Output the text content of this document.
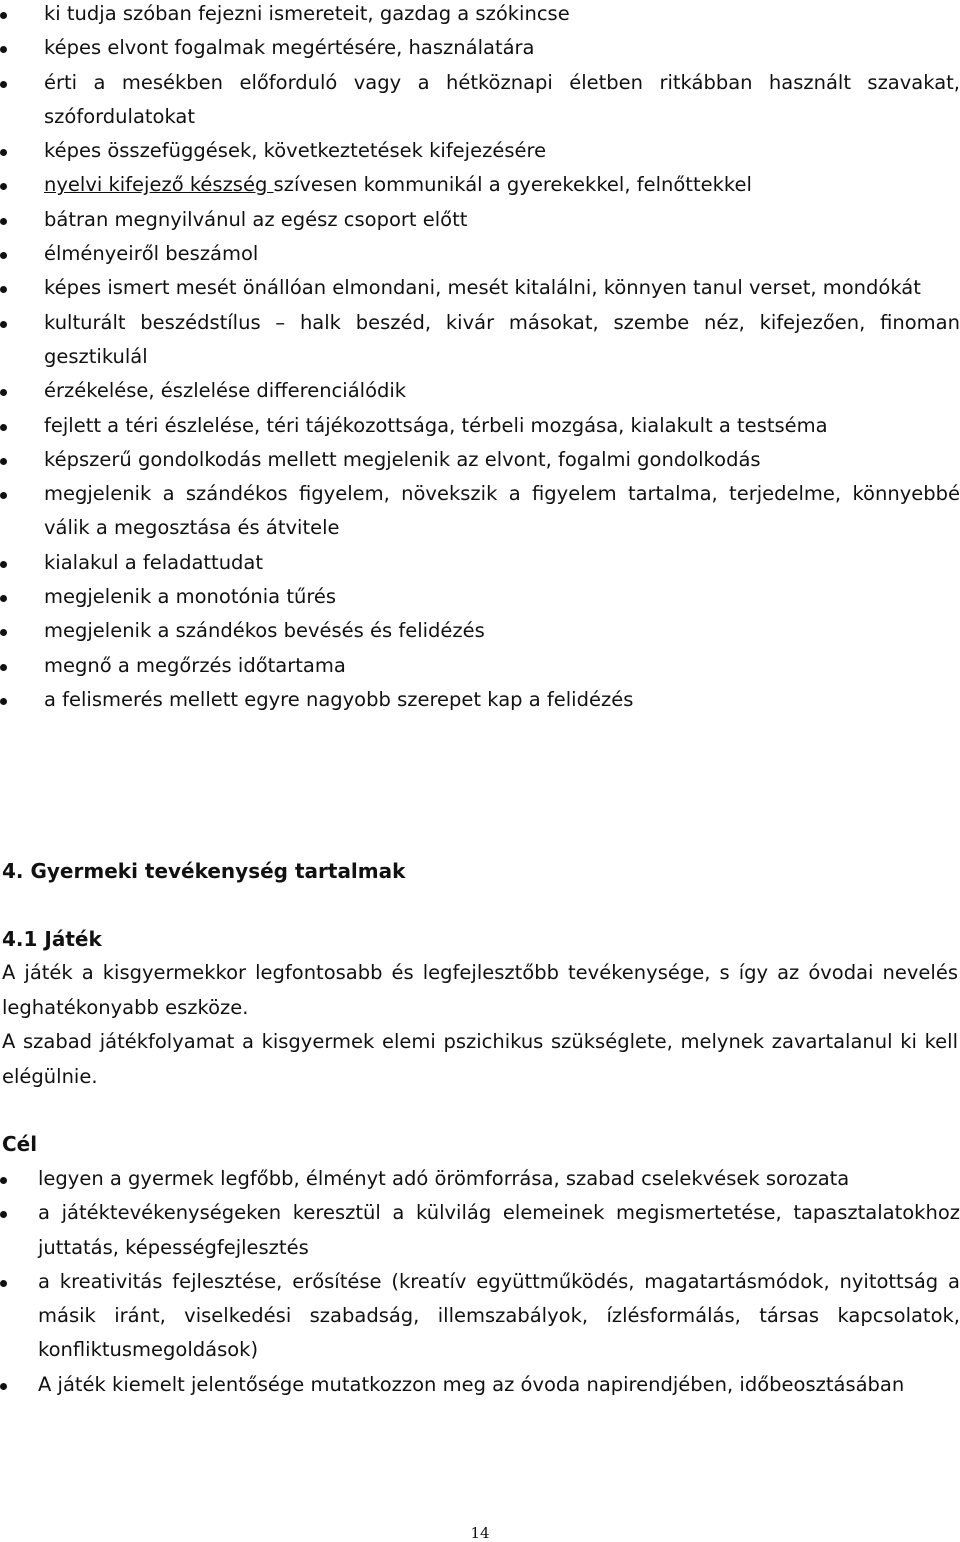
ki tudja szóban fejezni ismereteit, gazdag a szókincse
képes elvont fogalmak megértésére, használatára
érti a mesékben előforduló vagy a hétköznapi életben ritkábban használt szavakat, szófordulatokat
képes összefüggések, következtetések kifejezésére
nyelvi kifejező készség szívesen kommunikál a gyerekekkel, felnőttekkel
bátran megnyilvánul az egész csoport előtt
élményeiről beszámol
képes ismert mesét önállóan elmondani, mesét kitalálni, könnyen tanul verset, mondókát
kulturált beszédstílus – halk beszéd, kivár másokat, szembe néz, kifejezően, finoman gesztikulál
érzékelése, észlelése differenciálódik
fejlett a téri észlelése, téri tájékozottsága, térbeli mozgása, kialakult a testséma
képszerű gondolkodás mellett megjelenik az elvont, fogalmi gondolkodás
megjelenik a szándékos figyelem, növekszik a figyelem tartalma, terjedelme, könnyebbé válik a megosztása és átvitele
kialakul a feladattudat
megjelenik a monotónia tűrés
megjelenik a szándékos bevésés és felidézés
megnő a megőrzés időtartama
a felismerés mellett egyre nagyobb szerepet kap a felidézés
4. Gyermeki tevékenység tartalmak
4.1 Játék

A játék a kisgyermekkor legfontosabb és legfejlesztőbb tevékenysége, s így az óvodai nevelés leghatékonyabb eszköze.

A szabad játékfolyamat a kisgyermek elemi pszichikus szükséglete, melynek zavartalanul ki kell elégülnie.

Cél
legyen a gyermek legfőbb, élményt adó örömforrása, szabad cselekvések sorozata
a játéktevékenységeken keresztül a külvilág elemeinek megismertetése, tapasztalatokhoz juttatás, képességfejlesztés
a kreativitás fejlesztése, erősítése (kreatív együttműködés, magatartásmódok, nyitottság a másik iránt, viselkedési szabadság, illemszabályok, ízlésformálás, társas kapcsolatok, konfliktusmegoldások)
A játék kiemelt jelentősége mutatkozzon meg az óvoda napirendjében, időbeosztásában
14
